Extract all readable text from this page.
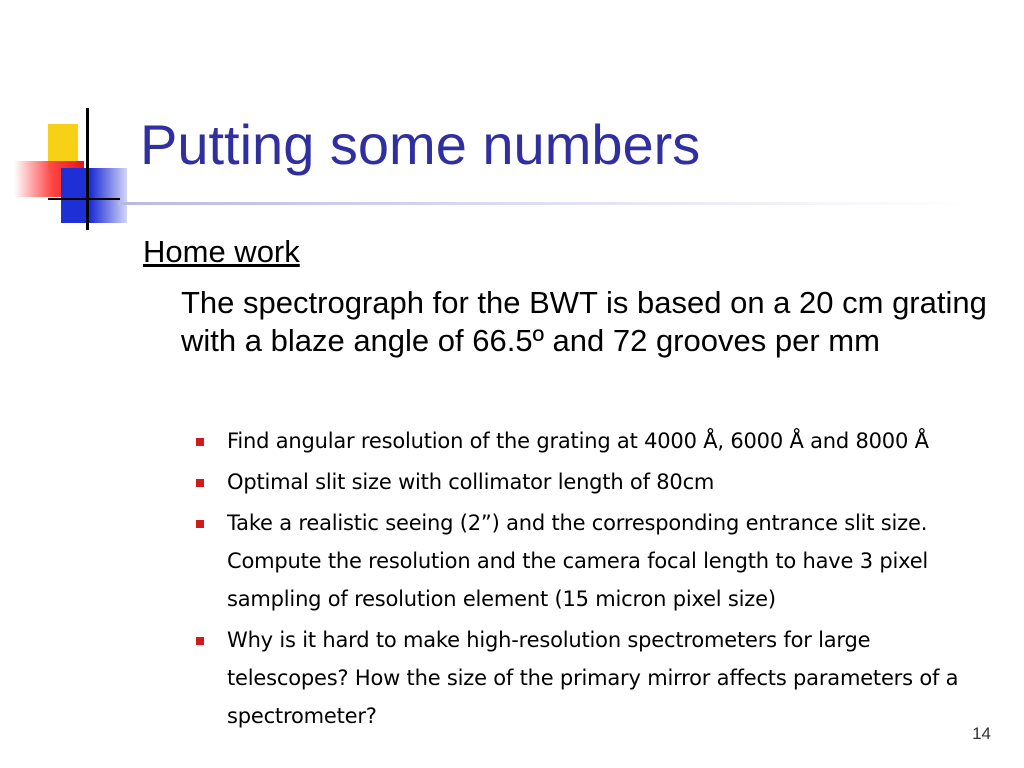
Putting some numbers
Home work

The spectrograph for the BWT is based on a 20 cm grating with a blaze angle of 66.5º and 72 grooves per mm

Find angular resolution of the grating at 4000 Å, 6000 Å and 8000 Å
Optimal slit size with collimator length of 80cm
Take a realistic seeing (2”) and the corresponding entrance slit size. Compute the resolution and the camera focal length to have 3 pixel sampling of resolution element (15 micron pixel size)
Why is it hard to make high-resolution spectrometers for large telescopes? How the size of the primary mirror affects parameters of a spectrometer?
14
